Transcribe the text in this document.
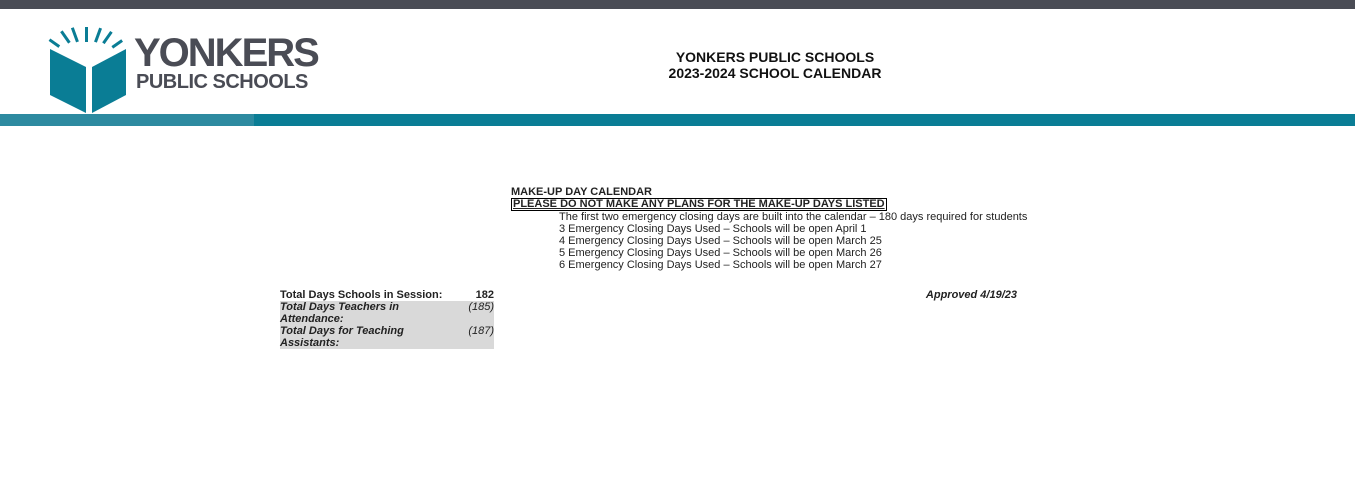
YONKERS
PUBLIC SCHOOLS
YONKERS PUBLIC SCHOOLS
2023-2024 SCHOOL CALENDAR
MAKE-UP DAY CALENDAR
PLEASE DO NOT MAKE ANY PLANS FOR THE MAKE-UP DAYS LISTED
The first two emergency closing days are built into the calendar – 180 days required for students
3 Emergency Closing Days Used – Schools will be open April 1
4 Emergency Closing Days Used – Schools will be open March 25
5 Emergency Closing Days Used – Schools will be open March 26
6 Emergency Closing Days Used – Schools will be open March 27
Total Days Schools in Session:	182
Total Days Teachers in Attendance:
(185)
Total Days for Teaching Assistants:
(187)
Approved 4/19/23
